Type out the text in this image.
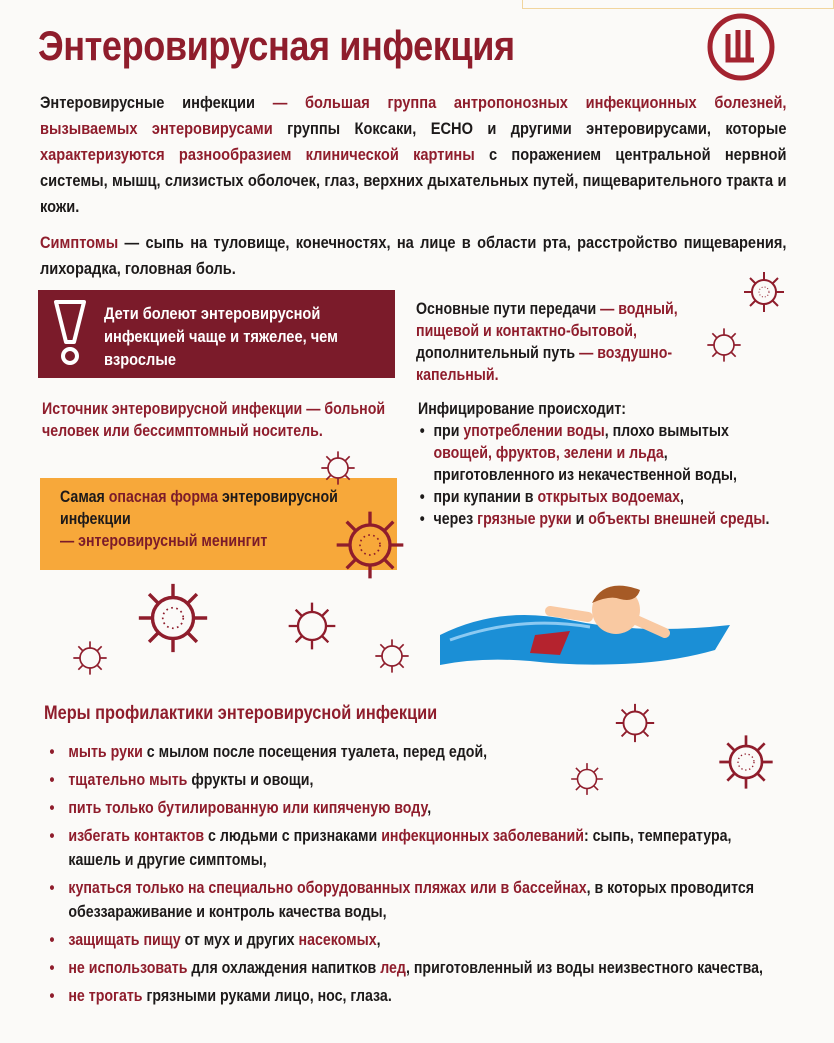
Энтеровирусная инфекция
Энтеровирусные инфекции — большая группа антропонозных инфекционных болезней, вызываемых энтеровирусами группы Коксаки, ECHO и другими энтеровирусами, которые характеризуются разнообразием клинической картины с поражением центральной нервной системы, мышц, слизистых оболочек, глаз, верхних дыхательных путей, пищеварительного тракта и кожи.
Симптомы — сыпь на туловище, конечностях, на лице в области рта, расстройство пищеварения, лихорадка, головная боль.
Дети болеют энтеровирусной инфекцией чаще и тяжелее, чем взрослые
Основные пути передачи — водный, пищевой и контактно-бытовой, дополнительный путь — воздушно-капельный.
Источник энтеровирусной инфекции — больной человек или бессимптомный носитель.
Самая опасная форма энтеровирусной инфекции
— энтеровирусный менингит
Инфицирование происходит:
• при употреблении воды, плохо вымытых овощей, фруктов, зелени и льда, приготовленного из некачественной воды,
• при купании в открытых водоемах,
• через грязные руки и объекты внешней среды.
Меры профилактики энтеровирусной инфекции
• мыть руки с мылом после посещения туалета, перед едой,
• тщательно мыть фрукты и овощи,
• пить только бутилированную или кипяченую воду,
• избегать контактов с людьми с признаками инфекционных заболеваний: сыпь, температура, кашель и другие симптомы,
• купаться только на специально оборудованных пляжах или в бассейнах, в которых проводится обеззараживание и контроль качества воды,
• защищать пищу от мух и других насекомых,
• не использовать для охлаждения напитков лед, приготовленный из воды неизвестного качества,
• не трогать грязными руками лицо, нос, глаза.
